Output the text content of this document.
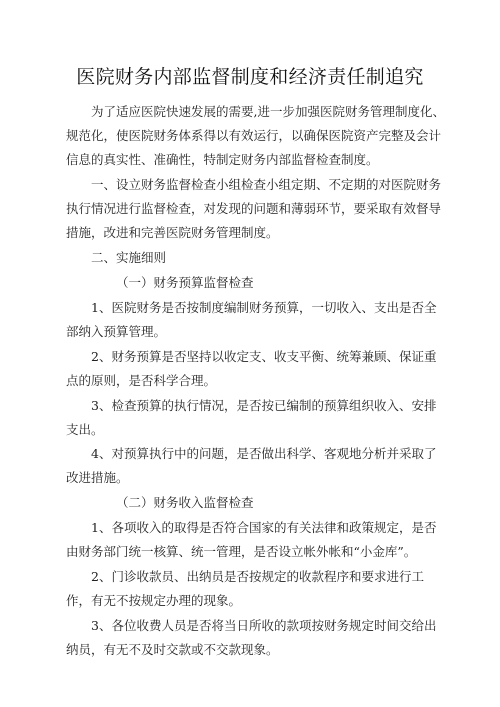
医院财务内部监督制度和经济责任制追究
为了适应医院快速发展的需要,进一步加强医院财务管理制度化、
规范化，使医院财务体系得以有效运行，以确保医院资产完整及会计
信息的真实性、准确性，特制定财务内部监督检查制度。
一、设立财务监督检查小组检查小组定期、不定期的对医院财务
执行情况进行监督检查，对发现的问题和薄弱环节，要采取有效督导
措施，改进和完善医院财务管理制度。
二、实施细则
（一）财务预算监督检查
1、医院财务是否按制度编制财务预算，一切收入、支出是否全
部纳入预算管理。
2、财务预算是否坚持以收定支、收支平衡、统筹兼顾、保证重
点的原则，是否科学合理。
3、检查预算的执行情况，是否按已编制的预算组织收入、安排
支出。
4、对预算执行中的问题，是否做出科学、客观地分析并采取了
改进措施。
（二）财务收入监督检查
1、各项收入的取得是否符合国家的有关法律和政策规定，是否
由财务部门统一核算、统一管理，是否设立帐外帐和“小金库”。
2、门诊收款员、出纳员是否按规定的收款程序和要求进行工
作，有无不按规定办理的现象。
3、各位收费人员是否将当日所收的款项按财务规定时间交给出
纳员，有无不及时交款或不交款现象。
